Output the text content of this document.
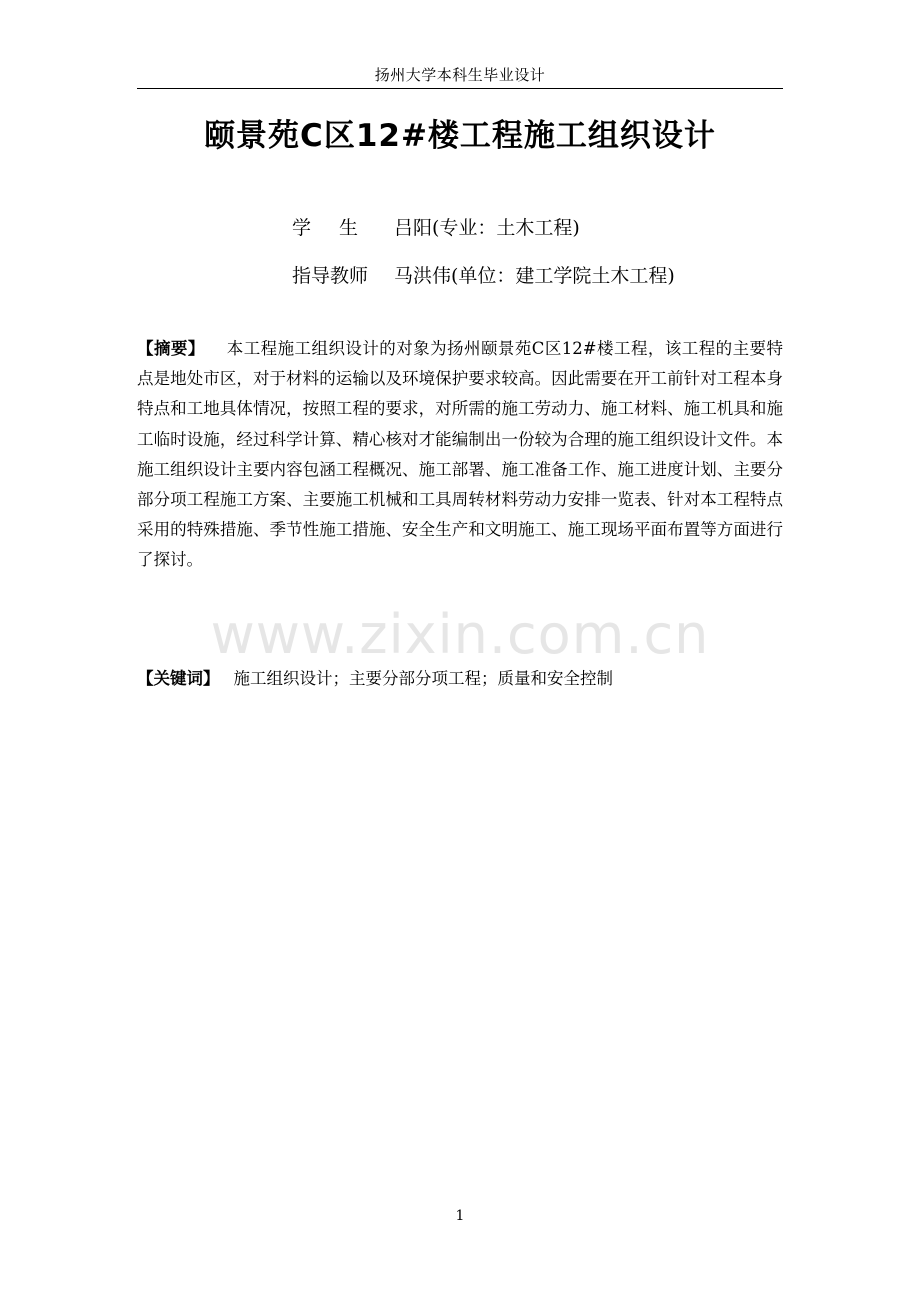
扬州大学本科生毕业设计
颐景苑C区12#楼工程施工组织设计
学生 吕阳(专业：土木工程)
指导教师 马洪伟(单位：建工学院土木工程)
www.zixin.com.cn
【摘要】 本工程施工组织设计的对象为扬州颐景苑C区12#楼工程，该工程的主要特点是地处市区，对于材料的运输以及环境保护要求较高。因此需要在开工前针对工程本身特点和工地具体情况，按照工程的要求，对所需的施工劳动力、施工材料、施工机具和施工临时设施，经过科学计算、精心核对才能编制出一份较为合理的施工组织设计文件。本施工组织设计主要内容包涵工程概况、施工部署、施工准备工作、施工进度计划、主要分部分项工程施工方案、主要施工机械和工具周转材料劳动力安排一览表、针对本工程特点采用的特殊措施、季节性施工措施、安全生产和文明施工、施工现场平面布置等方面进行了探讨。
【关键词】 施工组织设计；主要分部分项工程；质量和安全控制
1
